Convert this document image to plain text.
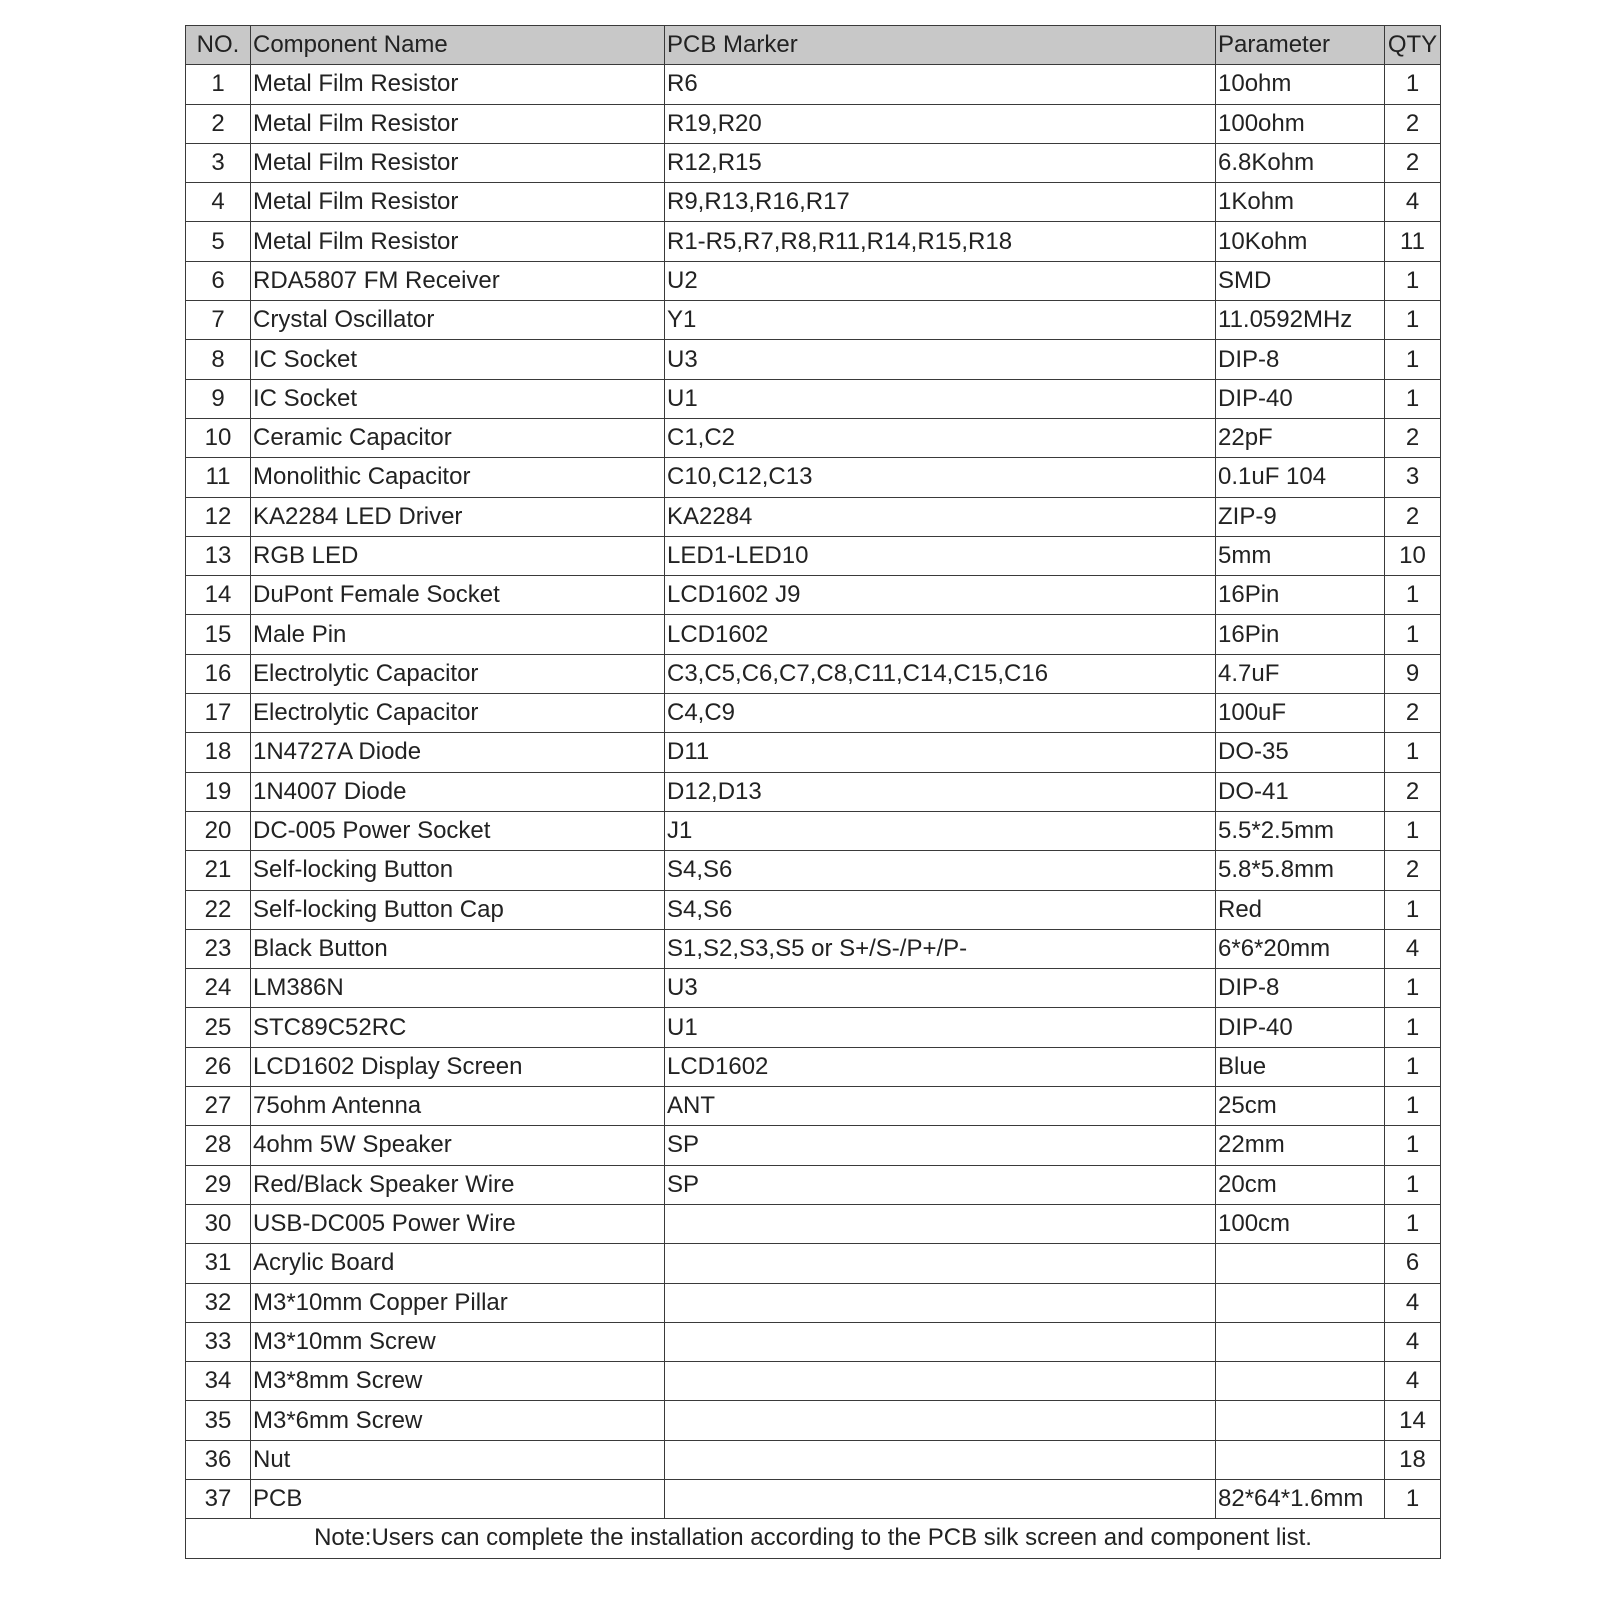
NO.	Component Name	PCB Marker	Parameter	QTY
1	Metal Film Resistor	R6	10ohm	1
2	Metal Film Resistor	R19,R20	100ohm	2
3	Metal Film Resistor	R12,R15	6.8Kohm	2
4	Metal Film Resistor	R9,R13,R16,R17	1Kohm	4
5	Metal Film Resistor	R1-R5,R7,R8,R11,R14,R15,R18	10Kohm	11
6	RDA5807 FM Receiver	U2	SMD	1
7	Crystal Oscillator	Y1	11.0592MHz	1
8	IC Socket	U3	DIP-8	1
9	IC Socket	U1	DIP-40	1
10	Ceramic Capacitor	C1,C2	22pF	2
11	Monolithic Capacitor	C10,C12,C13	0.1uF 104	3
12	KA2284 LED Driver	KA2284	ZIP-9	2
13	RGB LED	LED1-LED10	5mm	10
14	DuPont Female Socket	LCD1602 J9	16Pin	1
15	Male Pin	LCD1602	16Pin	1
16	Electrolytic Capacitor	C3,C5,C6,C7,C8,C11,C14,C15,C16	4.7uF	9
17	Electrolytic Capacitor	C4,C9	100uF	2
18	1N4727A Diode	D11	DO-35	1
19	1N4007 Diode	D12,D13	DO-41	2
20	DC-005 Power Socket	J1	5.5*2.5mm	1
21	Self-locking Button	S4,S6	5.8*5.8mm	2
22	Self-locking Button Cap	S4,S6	Red	1
23	Black Button	S1,S2,S3,S5 or S+/S-/P+/P-	6*6*20mm	4
24	LM386N	U3	DIP-8	1
25	STC89C52RC	U1	DIP-40	1
26	LCD1602 Display Screen	LCD1602	Blue	1
27	75ohm Antenna	ANT	25cm	1
28	4ohm 5W Speaker	SP	22mm	1
29	Red/Black Speaker Wire	SP	20cm	1
30	USB-DC005 Power Wire		100cm	1
31	Acrylic Board			6
32	M3*10mm Copper Pillar			4
33	M3*10mm Screw			4
34	M3*8mm Screw			4
35	M3*6mm Screw			14
36	Nut			18
37	PCB		82*64*1.6mm	1
Note:Users can complete the installation according to the PCB silk screen and component list.				
